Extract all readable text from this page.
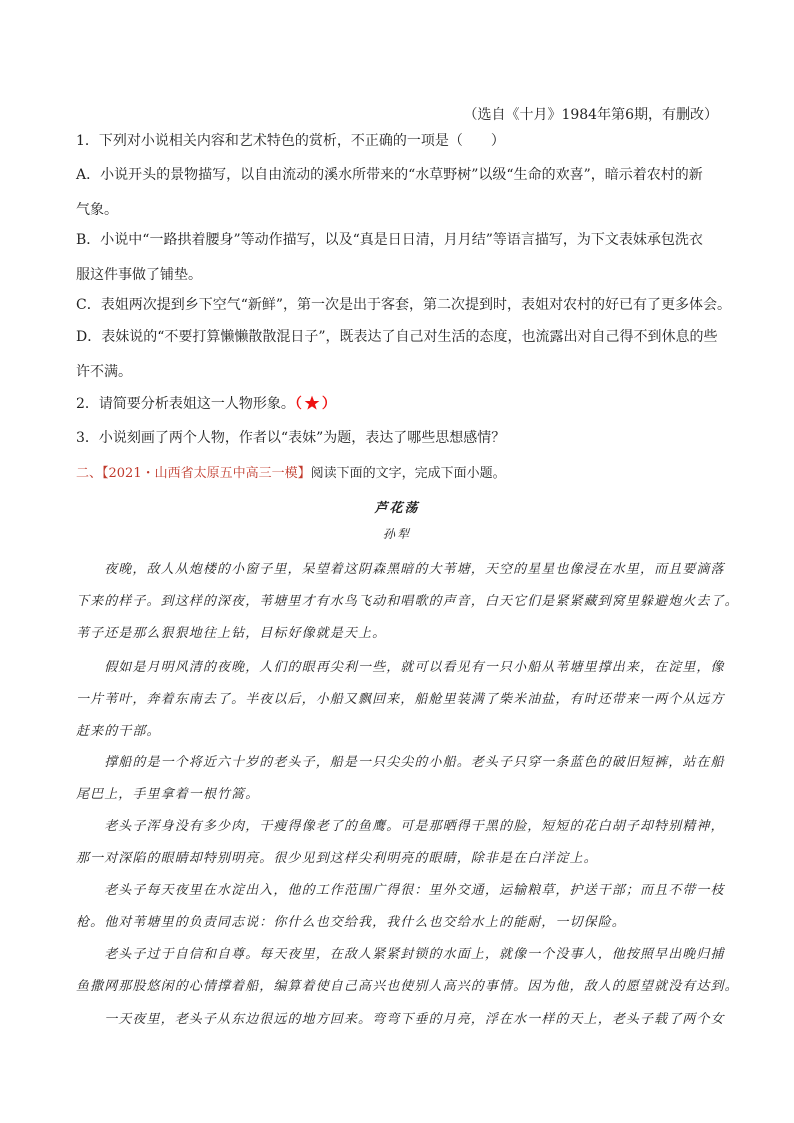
（选自《十月》1984年第6期，有删改）
1．下列对小说相关内容和艺术特色的赏析，不正确的一项是（　　）
A．小说开头的景物描写，以自由流动的溪水所带来的“水草野树”以级“生命的欢喜”，暗示着农村的新
气象。
B．小说中“一路拱着腰身”等动作描写，以及“真是日日清，月月结”等语言描写，为下文表妹承包洗衣
服这件事做了铺垫。
C．表姐两次提到乡下空气“新鲜”，第一次是出于客套，第二次提到时，表姐对农村的好已有了更多体会。
D．表妹说的“不要打算懒懒散散混日子”，既表达了自己对生活的态度，也流露出对自己得不到休息的些
许不满。
2．请简要分析表姐这一人物形象。（ ）
3．小说刻画了两个人物，作者以“表妹”为题，表达了哪些思想感情？
二、【2021・山西省太原五中高三一模】阅读下面的文字，完成下面小题。
芦花荡
孙犁
　　夜晚，敌人从炮楼的小窗子里，呆望着这阴森黑暗的大苇塘，天空的星星也像浸在水里，而且要滴落
下来的样子。到这样的深夜，苇塘里才有水鸟飞动和唱歌的声音，白天它们是紧紧藏到窝里躲避炮火去了。
苇子还是那么狠狠地往上钻，目标好像就是天上。
　　假如是月明风清的夜晚，人们的眼再尖利一些，就可以看见有一只小船从苇塘里撑出来，在淀里，像
一片苇叶，奔着东南去了。半夜以后，小船又飘回来，船舱里装满了柴米油盐，有时还带来一两个从远方
赶来的干部。
　　撑船的是一个将近六十岁的老头子，船是一只尖尖的小船。老头子只穿一条蓝色的破旧短裤，站在船
尾巴上，手里拿着一根竹篙。
　　老头子浑身没有多少肉，干瘦得像老了的鱼鹰。可是那晒得干黑的脸，短短的花白胡子却特别精神，
那一对深陷的眼睛却特别明亮。很少见到这样尖利明亮的眼睛，除非是在白洋淀上。
　　老头子每天夜里在水淀出入，他的工作范围广得很：里外交通，运输粮草，护送干部；而且不带一枝
枪。他对苇塘里的负责同志说：你什么也交给我，我什么也交给水上的能耐，一切保险。
　　老头子过于自信和自尊。每天夜里，在敌人紧紧封锁的水面上，就像一个没事人，他按照早出晚归捕
鱼撒网那股悠闲的心情撑着船，编算着使自己高兴也使别人高兴的事情。因为他，敌人的愿望就没有达到。
　　一天夜里，老头子从东边很远的地方回来。弯弯下垂的月亮，浮在水一样的天上，老头子载了两个女
